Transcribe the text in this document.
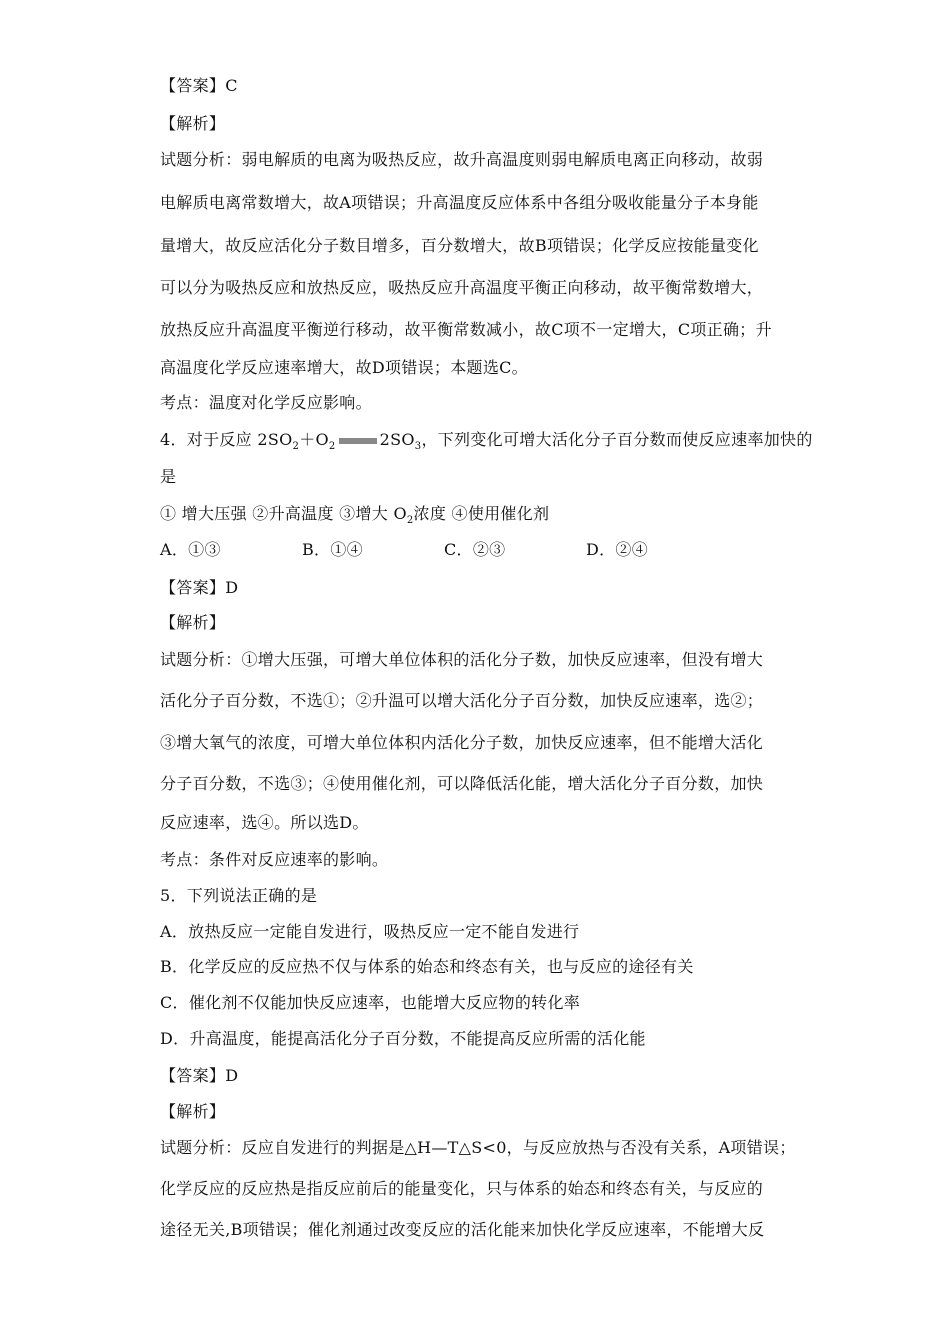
【答案】C
【解析】
试题分析：弱电解质的电离为吸热反应，故升高温度则弱电解质电离正向移动，故弱
电解质电离常数增大，故A项错误；升高温度反应体系中各组分吸收能量分子本身能
量增大，故反应活化分子数目增多，百分数增大，故B项错误；化学反应按能量变化
可以分为吸热反应和放热反应，吸热反应升高温度平衡正向移动，故平衡常数增大，
放热反应升高温度平衡逆行移动，故平衡常数减小，故C项不一定增大，C项正确；升
高温度化学反应速率增大，故D项错误；本题选C。
考点：温度对化学反应影响。
4．对于反应 $2SO_2+O_2$	$2SO_3$，下列变化可增大活化分子百分数而使反应速率加快的
是
① 增大压强 ②升高温度 ③增大 $O_2$浓度 ④使用催化剂
A．①③	B．①④	C．②③	D．②④
【答案】D
【解析】
试题分析：①增大压强，可增大单位体积的活化分子数，加快反应速率，但没有增大
活化分子百分数，不选①；②升温可以增大活化分子百分数，加快反应速率，选②；
③增大氧气的浓度，可增大单位体积内活化分子数，加快反应速率，但不能增大活化
分子百分数，不选③；④使用催化剂，可以降低活化能，增大活化分子百分数，加快
反应速率，选④。所以选D。
考点：条件对反应速率的影响。
5．下列说法正确的是
A．放热反应一定能自发进行，吸热反应一定不能自发进行
B．化学反应的反应热不仅与体系的始态和终态有关，也与反应的途径有关
C．催化剂不仅能加快反应速率，也能增大反应物的转化率
D．升高温度，能提高活化分子百分数，不能提高反应所需的活化能
【答案】D
【解析】
试题分析：反应自发进行的判据是△H—T△S<0，与反应放热与否没有关系，A项错误；
化学反应的反应热是指反应前后的能量变化，只与体系的始态和终态有关，与反应的
途径无关,B项错误；催化剂通过改变反应的活化能来加快化学反应速率，不能增大反
